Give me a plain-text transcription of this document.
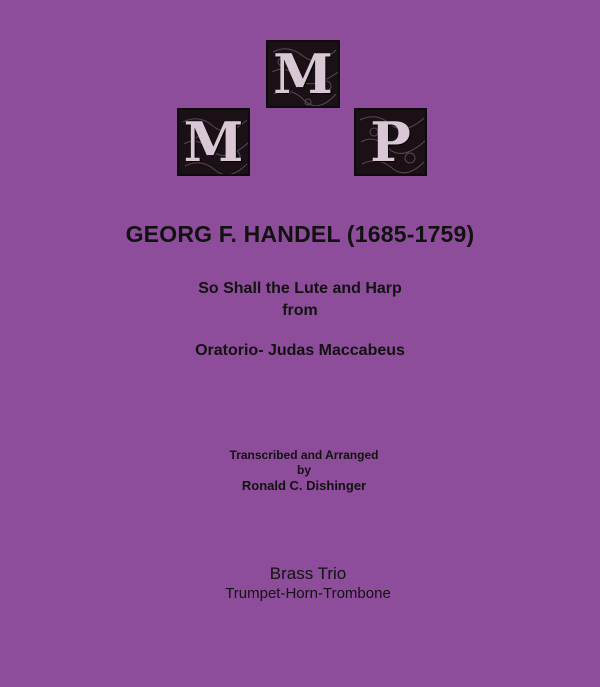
M
M P
GEORG F. HANDEL (1685-1759)
So Shall the Lute and Harp
from
Oratorio- Judas Maccabeus
Transcribed and Arranged
by
Ronald C. Dishinger
Brass Trio
Trumpet-Horn-Trombone
